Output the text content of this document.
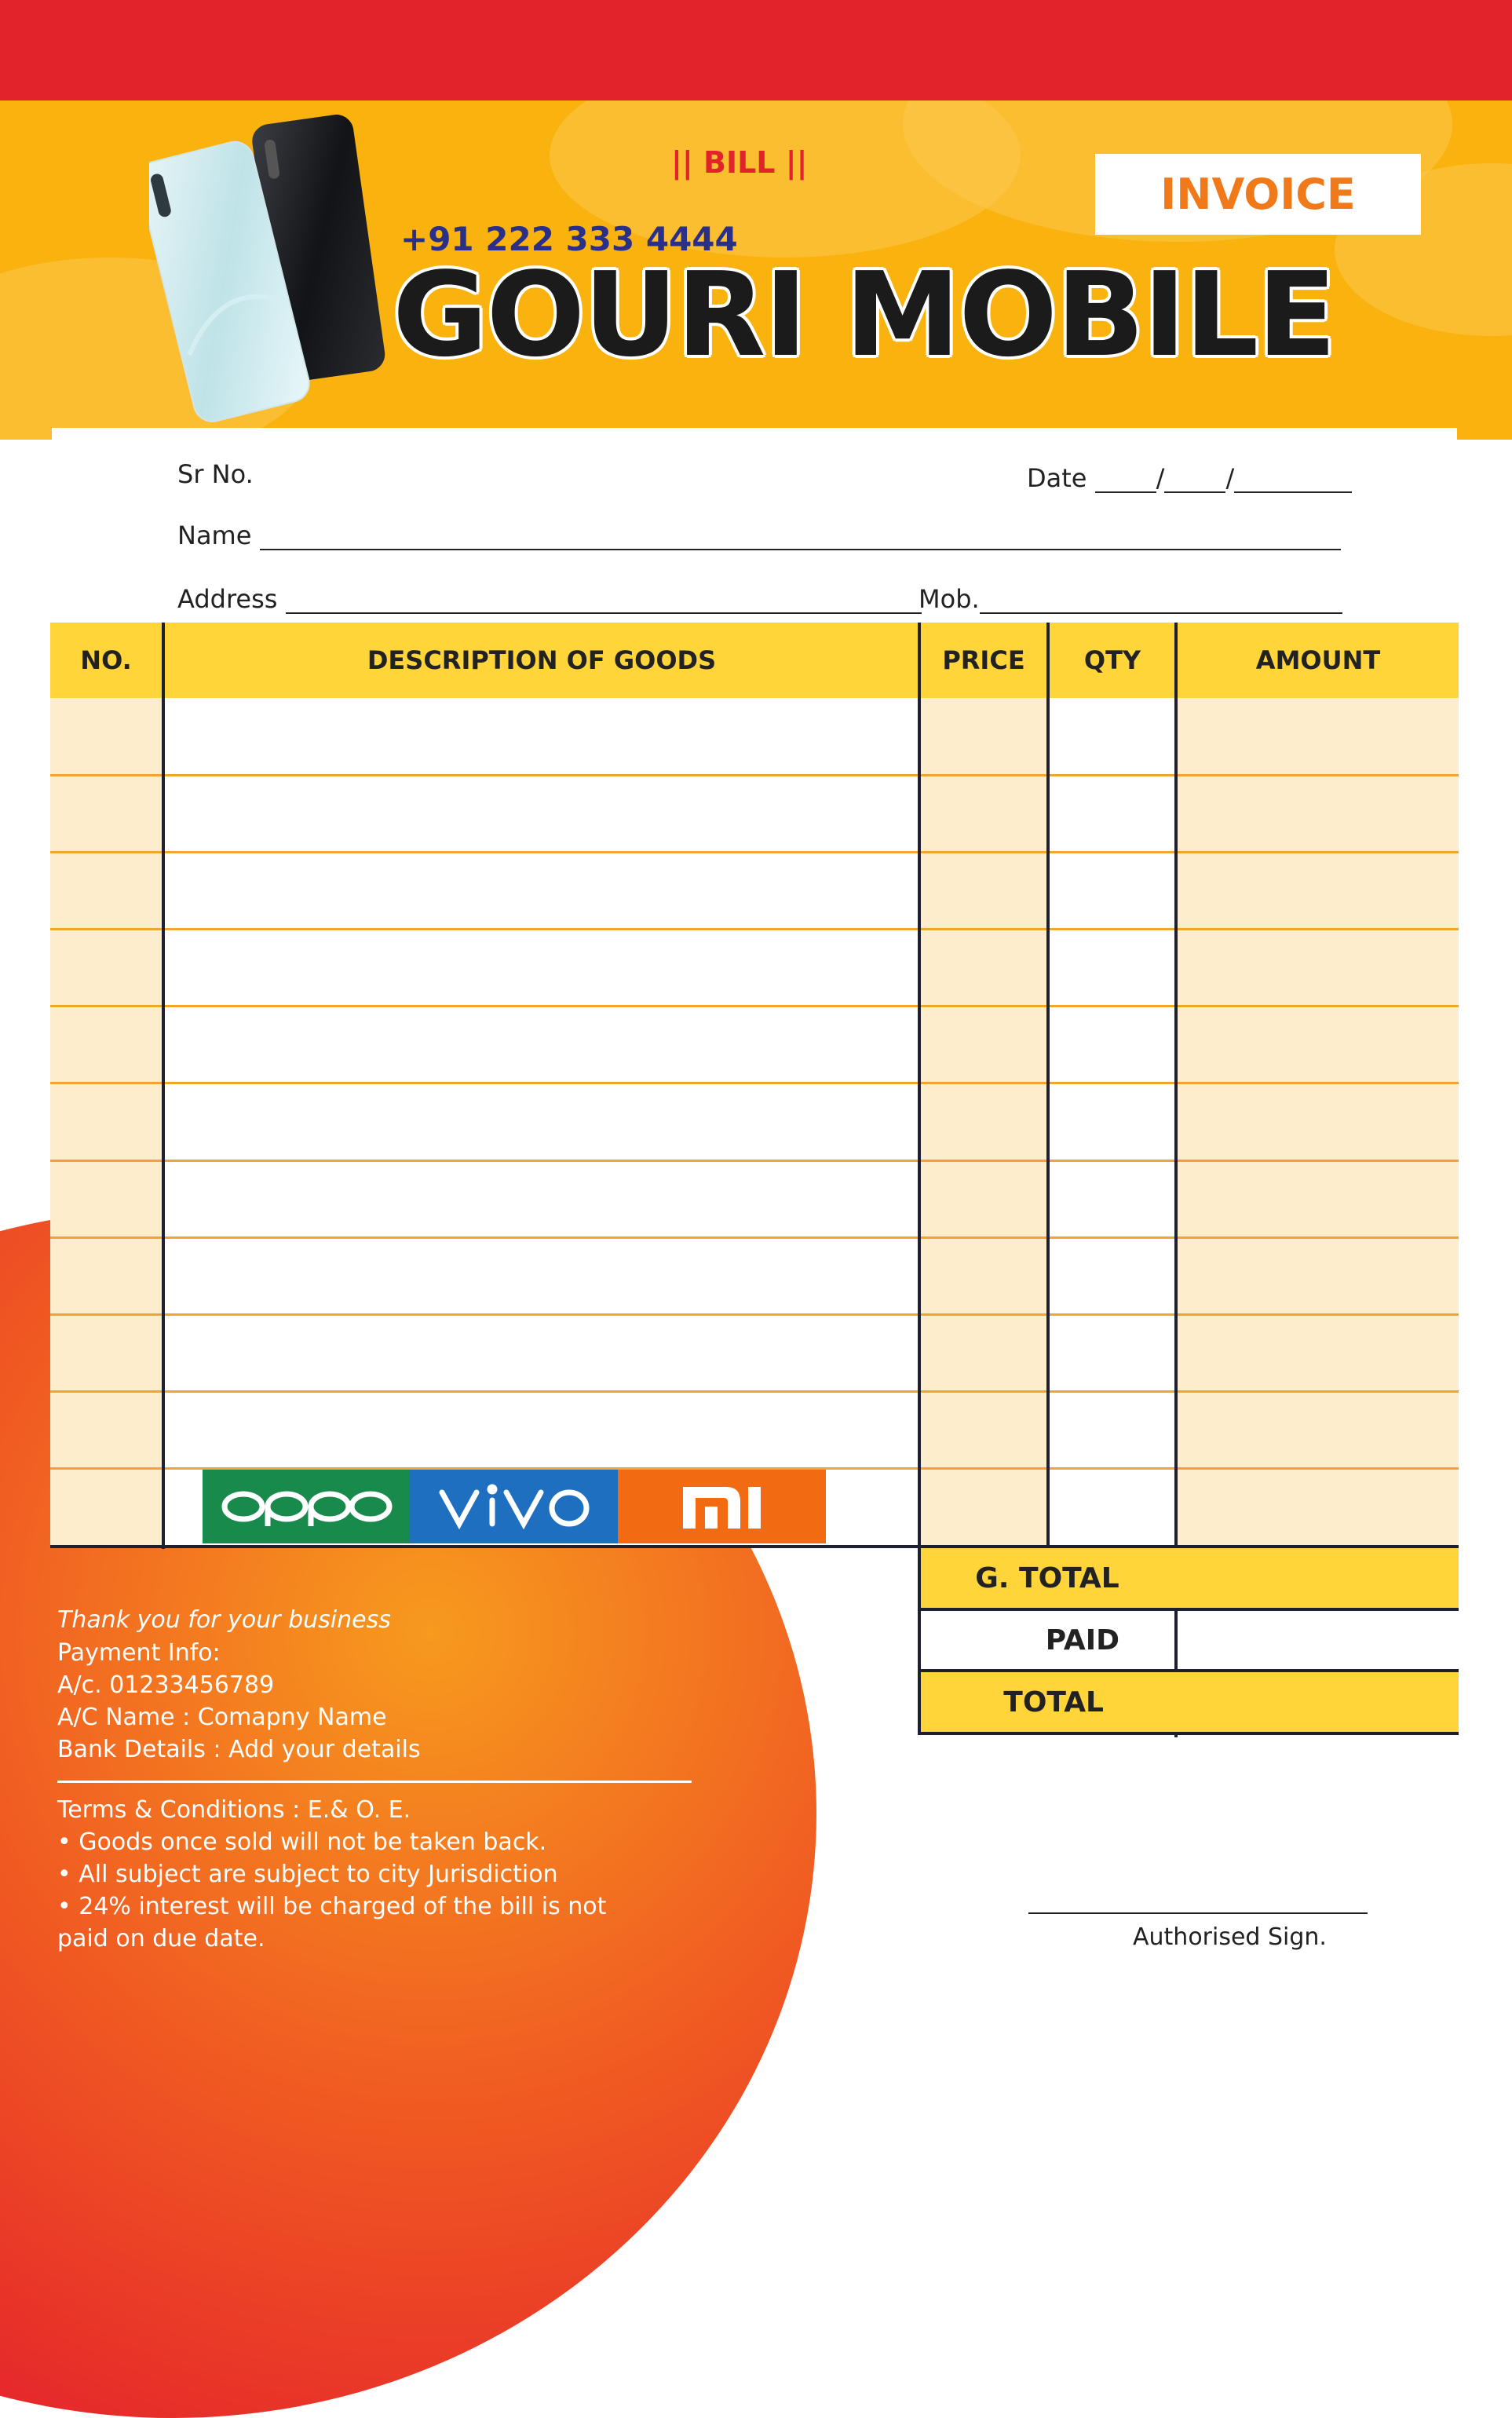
|| BILL ||
INVOICE
+91 222 333 4444
GOURI MOBILE
Sr No.	Date	/ /
Name
Address	Mob.
NO.	DESCRIPTION OF GOODS	PRICE	QTY	AMOUNT
G. TOTAL
PAID
TOTAL
Thank you for your business
Payment Info:
A/c. 01233456789
A/C Name : Comapny Name
Bank Details : Add your details
Terms & Conditions : E.& O. E.
• Goods once sold will not be taken back.
• All subject are subject to city Jurisdiction
• 24% interest will be charged of the bill is not
paid on due date.	Authorised Sign.
